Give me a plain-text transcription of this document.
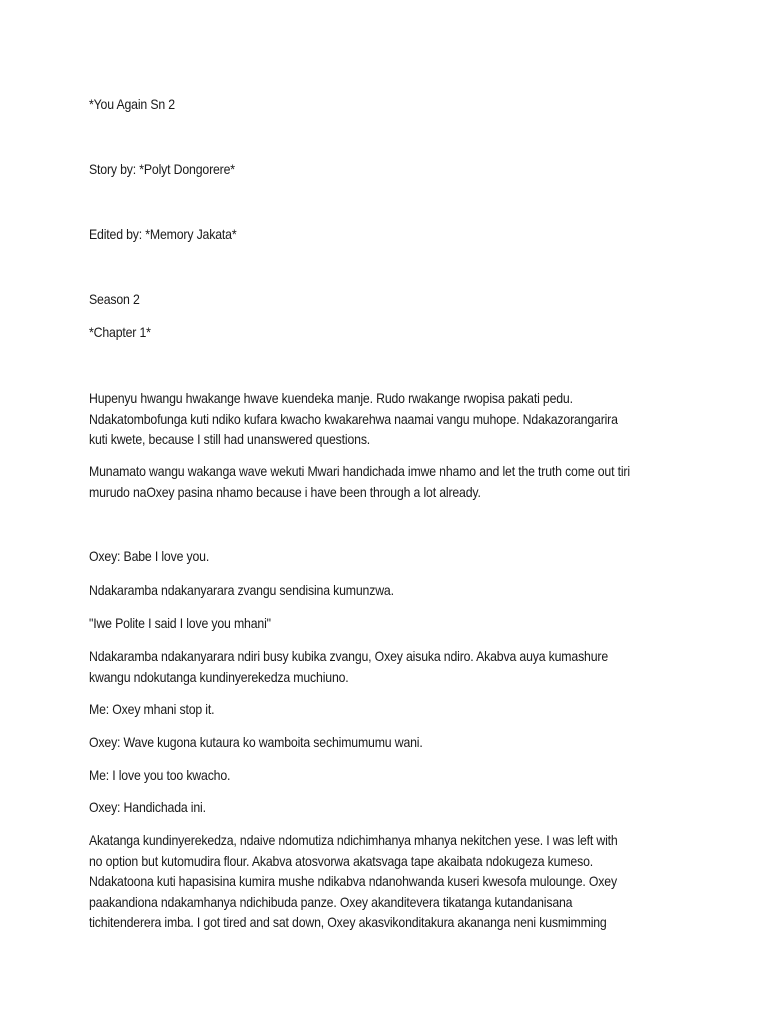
*You Again Sn 2
Story by: *Polyt Dongorere*
Edited by: *Memory Jakata*
Season 2
*Chapter 1*
Hupenyu hwangu hwakange hwave kuendeka manje. Rudo rwakange rwopisa pakati pedu.
Ndakatombofunga kuti ndiko kufara kwacho kwakarehwa naamai vangu muhope. Ndakazorangarira
kuti kwete, because I still had unanswered questions.
Munamato wangu wakanga wave wekuti Mwari handichada imwe nhamo and let the truth come out tiri
murudo naOxey pasina nhamo because i have been through a lot already.
Oxey: Babe I love you.
Ndakaramba ndakanyarara zvangu sendisina kumunzwa.
"Iwe Polite I said I love you mhani"
Ndakaramba ndakanyarara ndiri busy kubika zvangu, Oxey aisuka ndiro. Akabva auya kumashure
kwangu ndokutanga kundinyerekedza muchiuno.
Me: Oxey mhani stop it.
Oxey: Wave kugona kutaura ko wamboita sechimumumu wani.
Me: I love you too kwacho.
Oxey: Handichada ini.
Akatanga kundinyerekedza, ndaive ndomutiza ndichimhanya mhanya nekitchen yese. I was left with
no option but kutomudira flour. Akabva atosvorwa akatsvaga tape akaibata ndokugeza kumeso.
Ndakatoona kuti hapasisina kumira mushe ndikabva ndanohwanda kuseri kwesofa mulounge. Oxey
paakandiona ndakamhanya ndichibuda panze. Oxey akanditevera tikatanga kutandanisana
tichitenderera imba. I got tired and sat down, Oxey akasvikonditakura akananga neni kusmimming
